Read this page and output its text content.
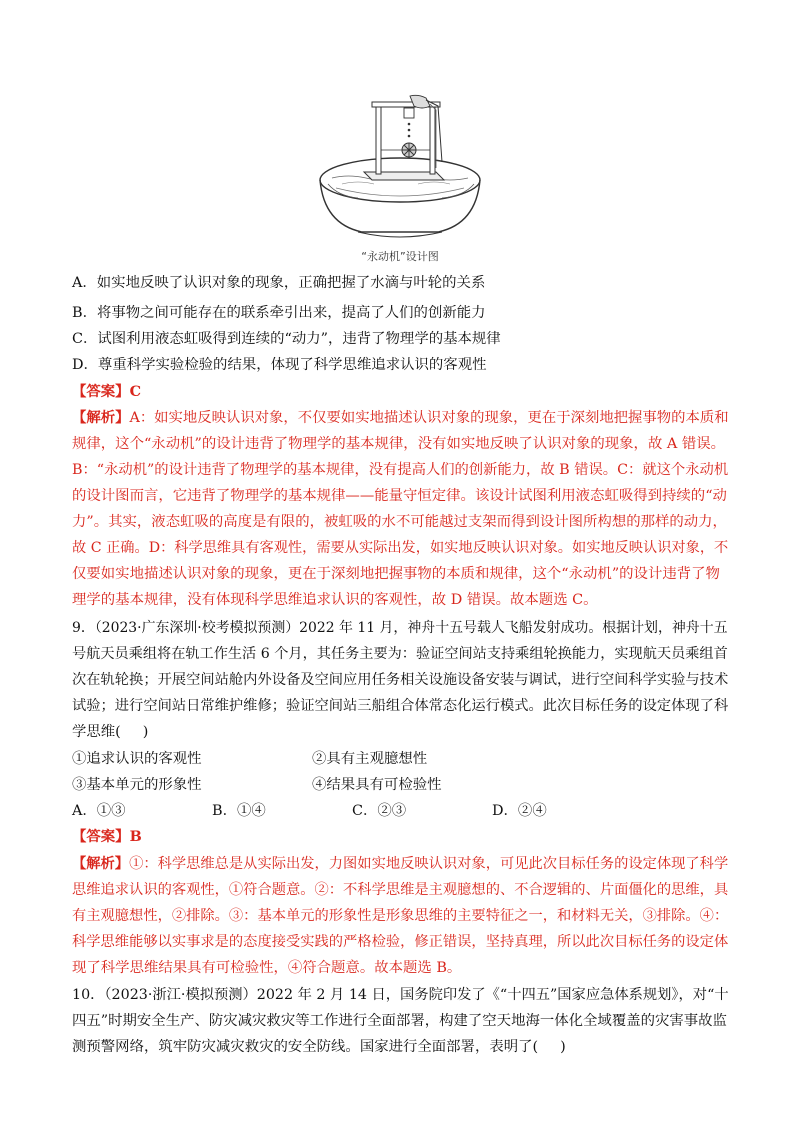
“永动机”设计图
A．如实地反映了认识对象的现象，正确把握了水滴与叶轮的关系
B．将事物之间可能存在的联系牵引出来，提高了人们的创新能力
C．试图利用液态虹吸得到连续的“动力”，违背了物理学的基本规律
D．尊重科学实验检验的结果，体现了科学思维追求认识的客观性
【答案】C
【解析】A：如实地反映认识对象，不仅要如实地描述认识对象的现象，更在于深刻地把握事物的本质和
规律，这个“永动机”的设计违背了物理学的基本规律，没有如实地反映了认识对象的现象，故 A 错误。
B：“永动机”的设计违背了物理学的基本规律，没有提高人们的创新能力，故 B 错误。C：就这个永动机
的设计图而言，它违背了物理学的基本规律——能量守恒定律。该设计试图利用液态虹吸得到持续的“动
力”。其实，液态虹吸的高度是有限的，被虹吸的水不可能越过支架而得到设计图所构想的那样的动力，
故 C 正确。D：科学思维具有客观性，需要从实际出发，如实地反映认识对象。如实地反映认识对象，不
仅要如实地描述认识对象的现象，更在于深刻地把握事物的本质和规律，这个“永动机”的设计违背了物
理学的基本规律，没有体现科学思维追求认识的客观性，故 D 错误。故本题选 C。
9．（2023·广东深圳·校考模拟预测）2022 年 11 月，神舟十五号载人飞船发射成功。根据计划，神舟十五
号航天员乘组将在轨工作生活 6 个月，其任务主要为：验证空间站支持乘组轮换能力，实现航天员乘组首
次在轨轮换；开展空间站舱内外设备及空间应用任务相关设施设备安装与调试，进行空间科学实验与技术
试验；进行空间站日常维护维修；验证空间站三船组合体常态化运行模式。此次目标任务的设定体现了科
学思维( )
①追求认识的客观性	②具有主观臆想性
③基本单元的形象性	④结果具有可检验性
A．①③	B．①④	C．②③	D．②④
【答案】B
【解析】①：科学思维总是从实际出发，力图如实地反映认识对象，可见此次目标任务的设定体现了科学
思维追求认识的客观性，①符合题意。②：不科学思维是主观臆想的、不合逻辑的、片面僵化的思维，具
有主观臆想性，②排除。③：基本单元的形象性是形象思维的主要特征之一，和材料无关，③排除。④：
科学思维能够以实事求是的态度接受实践的严格检验，修正错误，坚持真理，所以此次目标任务的设定体
现了科学思维结果具有可检验性，④符合题意。故本题选 B。
10．（2023·浙江·模拟预测）2022 年 2 月 14 日，国务院印发了《“十四五”国家应急体系规划》，对“十
四五”时期安全生产、防灾减灾救灾等工作进行全面部署，构建了空天地海一体化全域覆盖的灾害事故监
测预警网络，筑牢防灾减灾救灾的安全防线。国家进行全面部署，表明了( )
